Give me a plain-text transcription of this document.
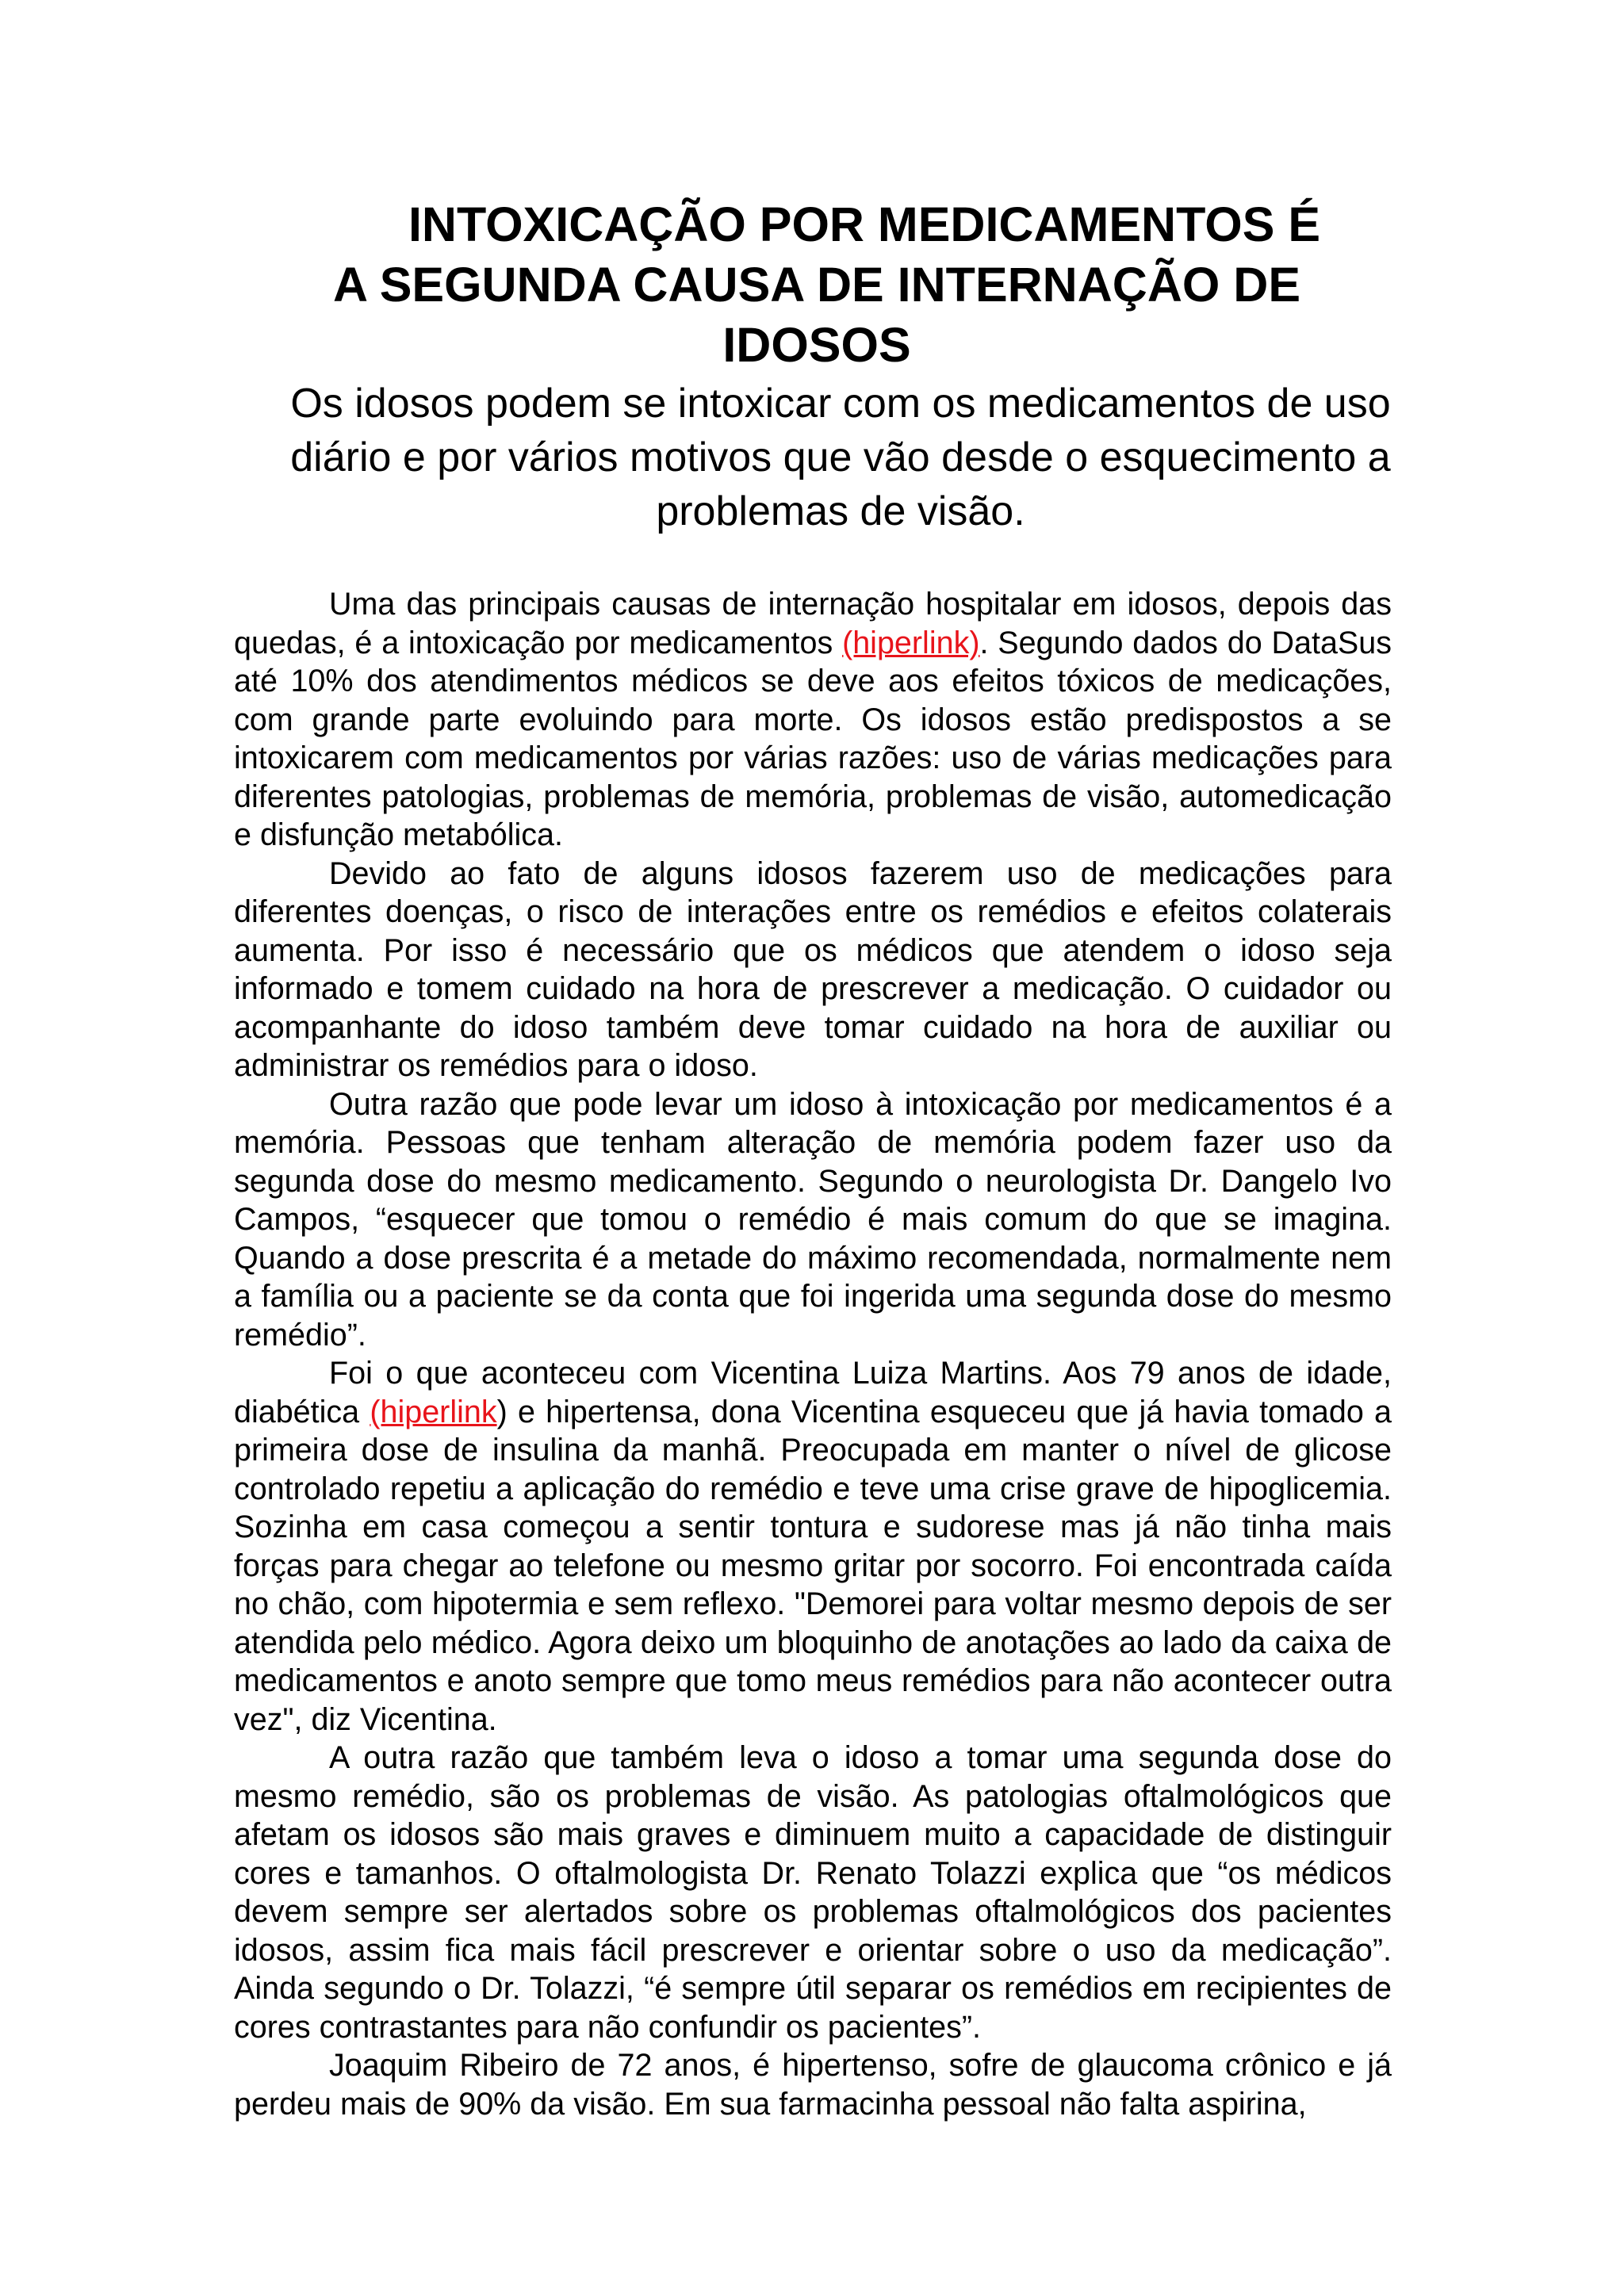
INTOXICAÇÃO POR MEDICAMENTOS É
A SEGUNDA CAUSA DE INTERNAÇÃO DE IDOSOS
Os idosos podem se intoxicar com os medicamentos de uso diário e por vários motivos que vão desde o esquecimento a problemas de visão.

Uma das principais causas de internação hospitalar em idosos, depois das quedas, é a intoxicação por medicamentos (hiperlink). Segundo dados do DataSus até 10% dos atendimentos médicos se deve aos efeitos tóxicos de medicações, com grande parte evoluindo para morte. Os idosos estão predispostos a se intoxicarem com medicamentos por várias razões: uso de várias medicações para diferentes patologias, problemas de memória, problemas de visão, automedicação e disfunção metabólica.

Devido ao fato de alguns idosos fazerem uso de medicações para diferentes doenças, o risco de interações entre os remédios e efeitos colaterais aumenta. Por isso é necessário que os médicos que atendem o idoso seja informado e tomem cuidado na hora de prescrever a medicação. O cuidador ou acompanhante do idoso também deve tomar cuidado na hora de auxiliar ou administrar os remédios para o idoso.

Outra razão que pode levar um idoso à intoxicação por medicamentos é a memória. Pessoas que tenham alteração de memória podem fazer uso da segunda dose do mesmo medicamento. Segundo o neurologista Dr. Dangelo Ivo Campos, “esquecer que tomou o remédio é mais comum do que se imagina. Quando a dose prescrita é a metade do máximo recomendada, normalmente nem a família ou a paciente se da conta que foi ingerida uma segunda dose do mesmo remédio”.

Foi o que aconteceu com Vicentina Luiza Martins. Aos 79 anos de idade, diabética (hiperlink) e hipertensa, dona Vicentina esqueceu que já havia tomado a primeira dose de insulina da manhã. Preocupada em manter o nível de glicose controlado repetiu a aplicação do remédio e teve uma crise grave de hipoglicemia. Sozinha em casa começou a sentir tontura e sudorese mas já não tinha mais forças para chegar ao telefone ou mesmo gritar por socorro. Foi encontrada caída no chão, com hipotermia e sem reflexo. "Demorei para voltar mesmo depois de ser atendida pelo médico. Agora deixo um bloquinho de anotações ao lado da caixa de medicamentos e anoto sempre que tomo meus remédios para não acontecer outra vez", diz Vicentina.

A outra razão que também leva o idoso a tomar uma segunda dose do mesmo remédio, são os problemas de visão. As patologias oftalmológicos que afetam os idosos são mais graves e diminuem muito a capacidade de distinguir cores e tamanhos. O oftalmologista Dr. Renato Tolazzi explica que “os médicos devem sempre ser alertados sobre os problemas oftalmológicos dos pacientes idosos, assim fica mais fácil prescrever e orientar sobre o uso da medicação”. Ainda segundo o Dr. Tolazzi, “é sempre útil separar os remédios em recipientes de cores contrastantes para não confundir os pacientes”.

Joaquim Ribeiro de 72 anos, é hipertenso, sofre de glaucoma crônico e já perdeu mais de 90% da visão. Em sua farmacinha pessoal não falta aspirina,
